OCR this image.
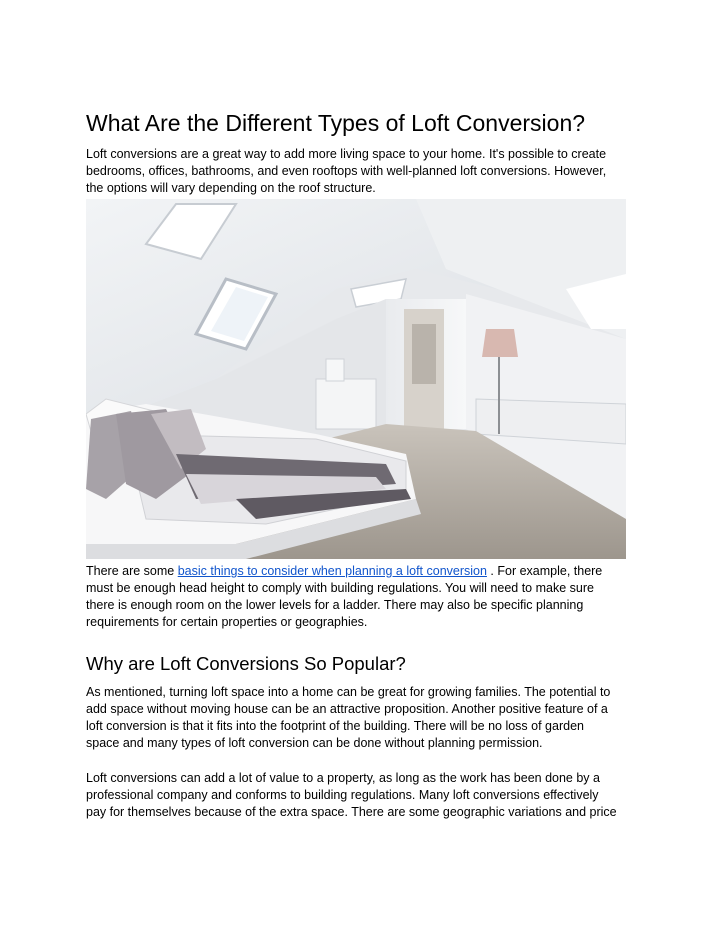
What Are the Different Types of Loft Conversion?

Loft conversions are a great way to add more living space to your home. It's possible to create
bedrooms, offices, bathrooms, and even rooftops with well-planned loft conversions. However,
the options will vary depending on the roof structure.

There are some basic things to consider when planning a loft conversion . For example, there
must be enough head height to comply with building regulations. You will need to make sure
there is enough room on the lower levels for a ladder. There may also be specific planning
requirements for certain properties or geographies.

Why are Loft Conversions So Popular?

As mentioned, turning loft space into a home can be great for growing families. The potential to
add space without moving house can be an attractive proposition. Another positive feature of a
loft conversion is that it fits into the footprint of the building. There will be no loss of garden
space and many types of loft conversion can be done without planning permission.

Loft conversions can add a lot of value to a property, as long as the work has been done by a
professional company and conforms to building regulations. Many loft conversions effectively
pay for themselves because of the extra space. There are some geographic variations and price
